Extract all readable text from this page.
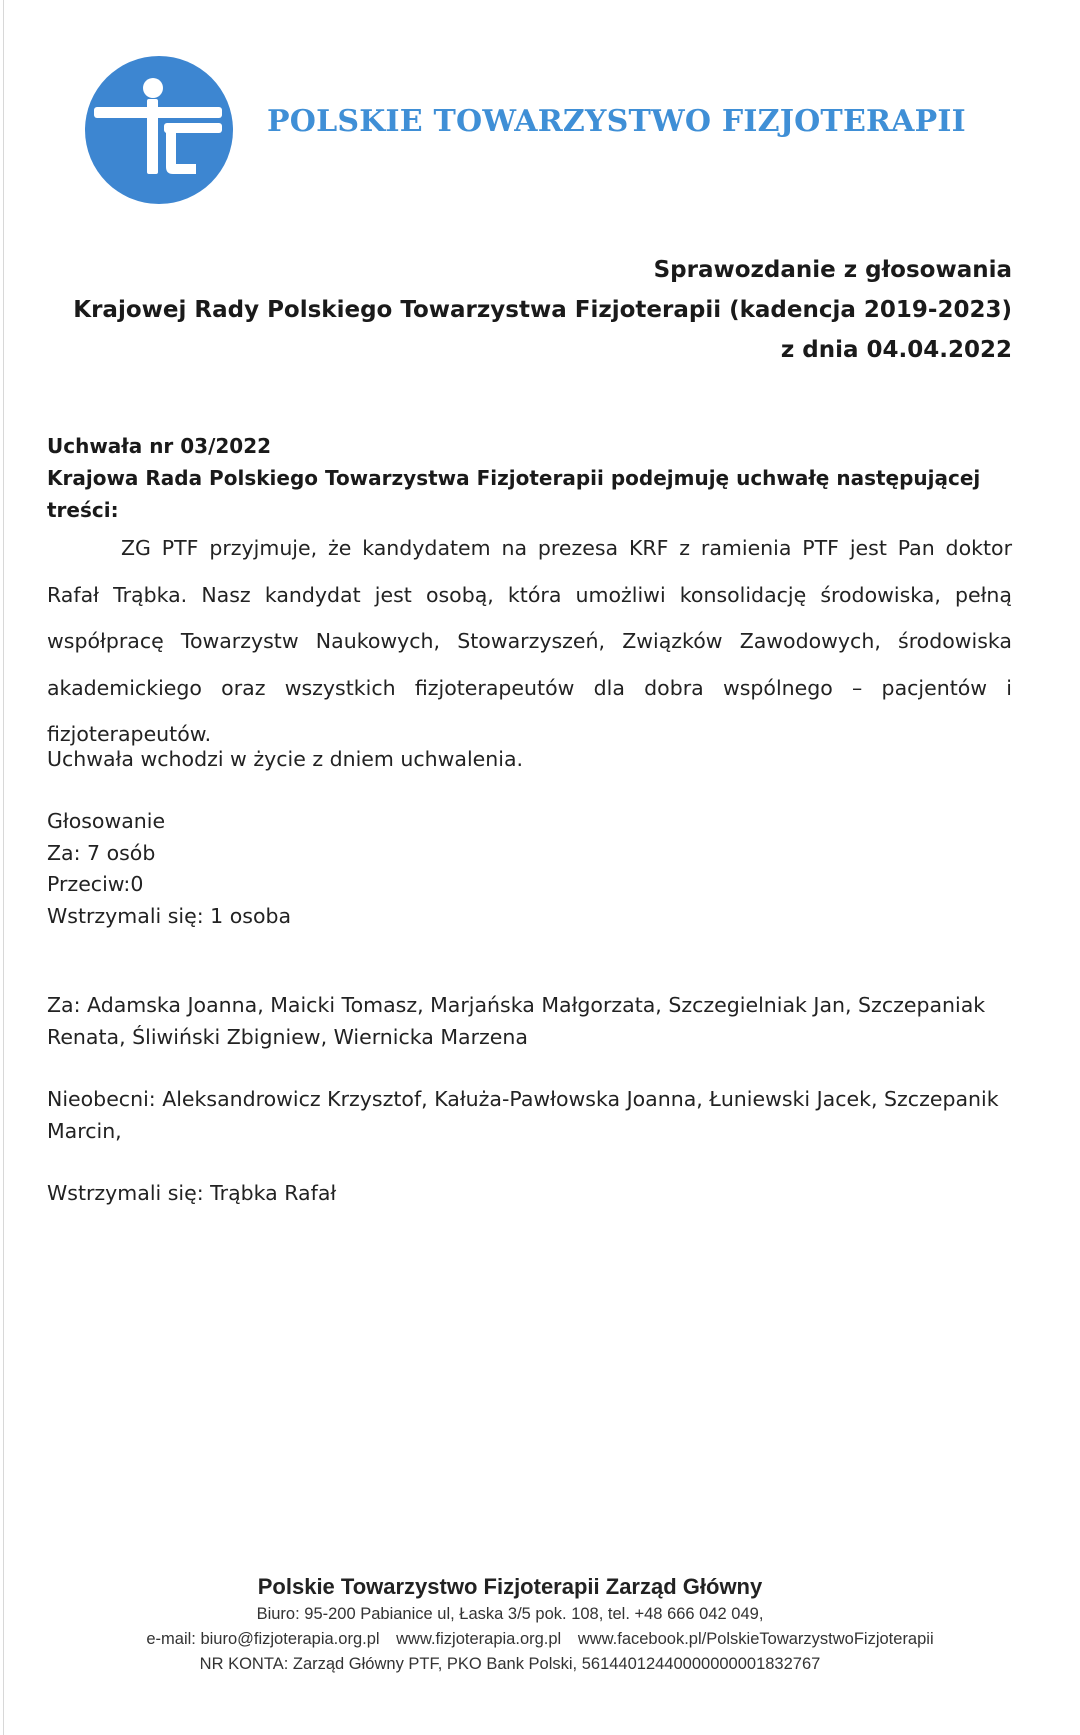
POLSKIE TOWARZYSTWO FIZJOTERAPII
Sprawozdanie z głosowania
Krajowej Rady Polskiego Towarzystwa Fizjoterapii (kadencja 2019-2023)
z dnia 04.04.2022
Uchwała nr 03/2022
Krajowa Rada Polskiego Towarzystwa Fizjoterapii podejmuję uchwałę następującej treści:
ZG PTF przyjmuje, że kandydatem na prezesa KRF z ramienia PTF jest Pan doktor Rafał Trąbka. Nasz kandydat jest osobą, która umożliwi konsolidację środowiska, pełną współpracę Towarzystw Naukowych, Stowarzyszeń, Związków Zawodowych, środowiska akademickiego oraz wszystkich fizjoterapeutów dla dobra wspólnego – pacjentów i fizjoterapeutów.
Uchwała wchodzi w życie z dniem uchwalenia.
Głosowanie
Za: 7 osób
Przeciw:0
Wstrzymali się: 1 osoba
Za: Adamska Joanna, Maicki Tomasz, Marjańska Małgorzata, Szczegielniak Jan, Szczepaniak Renata, Śliwiński Zbigniew, Wiernicka Marzena
Nieobecni: Aleksandrowicz Krzysztof, Kałuża-Pawłowska Joanna, Łuniewski Jacek, Szczepanik Marcin,
Wstrzymali się: Trąbka Rafał
Polskie Towarzystwo Fizjoterapii Zarząd Główny
Biuro: 95-200 Pabianice ul, Łaska 3/5 pok. 108, tel. +48 666 042 049,
e-mail: biuro@fizjoterapia.org.pl www.fizjoterapia.org.pl www.facebook.pl/PolskieTowarzystwoFizjoterapii
NR KONTA: Zarząd Główny PTF, PKO Bank Polski, 56144012440000000001832767
